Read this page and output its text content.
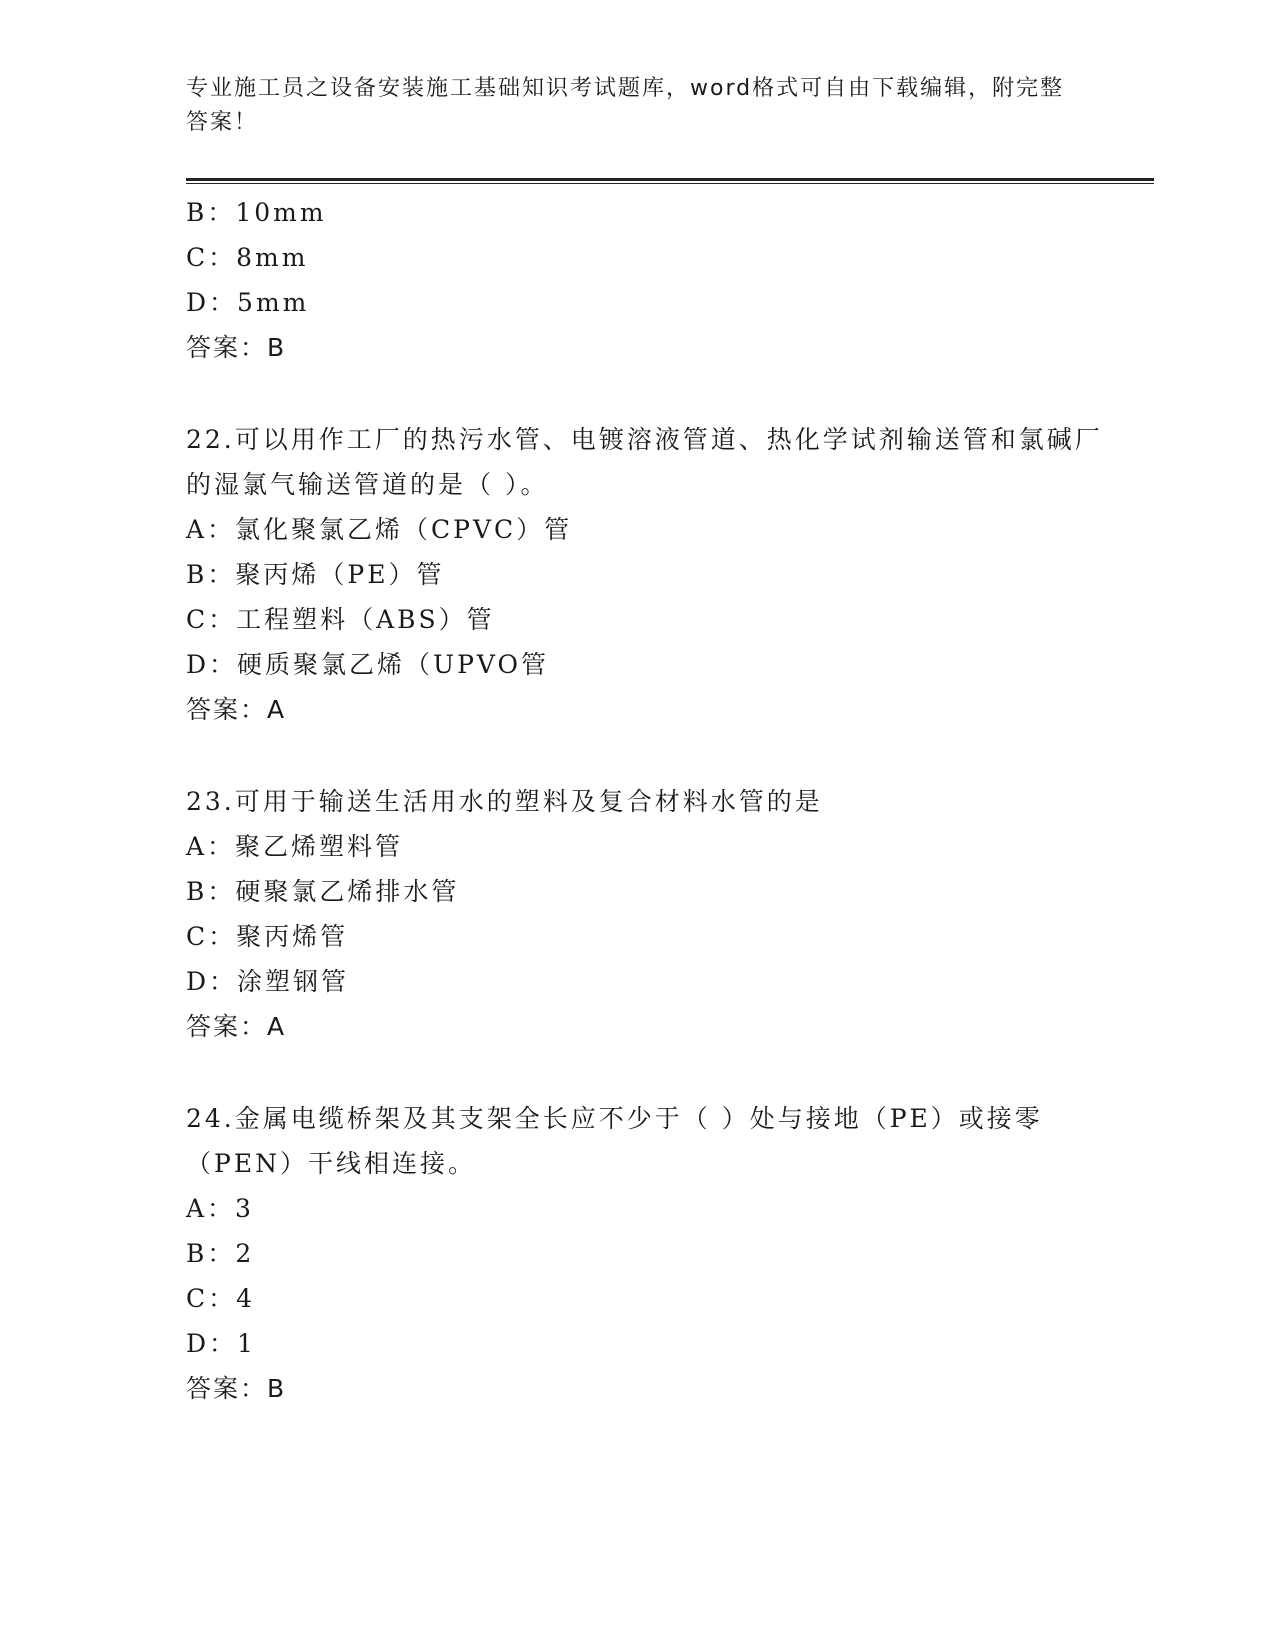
专业施工员之设备安装施工基础知识考试题库，word格式可自由下载编辑，附完整答案！
B：10mm
C：8mm
D：5mm
答案：B
22.可以用作工厂的热污水管、电镀溶液管道、热化学试剂输送管和氯碱厂的湿氯气输送管道的是（ ）。
A：氯化聚氯乙烯（CPVC）管
B：聚丙烯（PE）管
C：工程塑料（ABS）管
D：硬质聚氯乙烯（UPVO管
答案：A
23.可用于输送生活用水的塑料及复合材料水管的是
A：聚乙烯塑料管
B：硬聚氯乙烯排水管
C：聚丙烯管
D：涂塑钢管
答案：A
24.金属电缆桥架及其支架全长应不少于（ ）处与接地（PE）或接零（PEN）干线相连接。
A：3
B：2
C：4
D：1
答案：B
